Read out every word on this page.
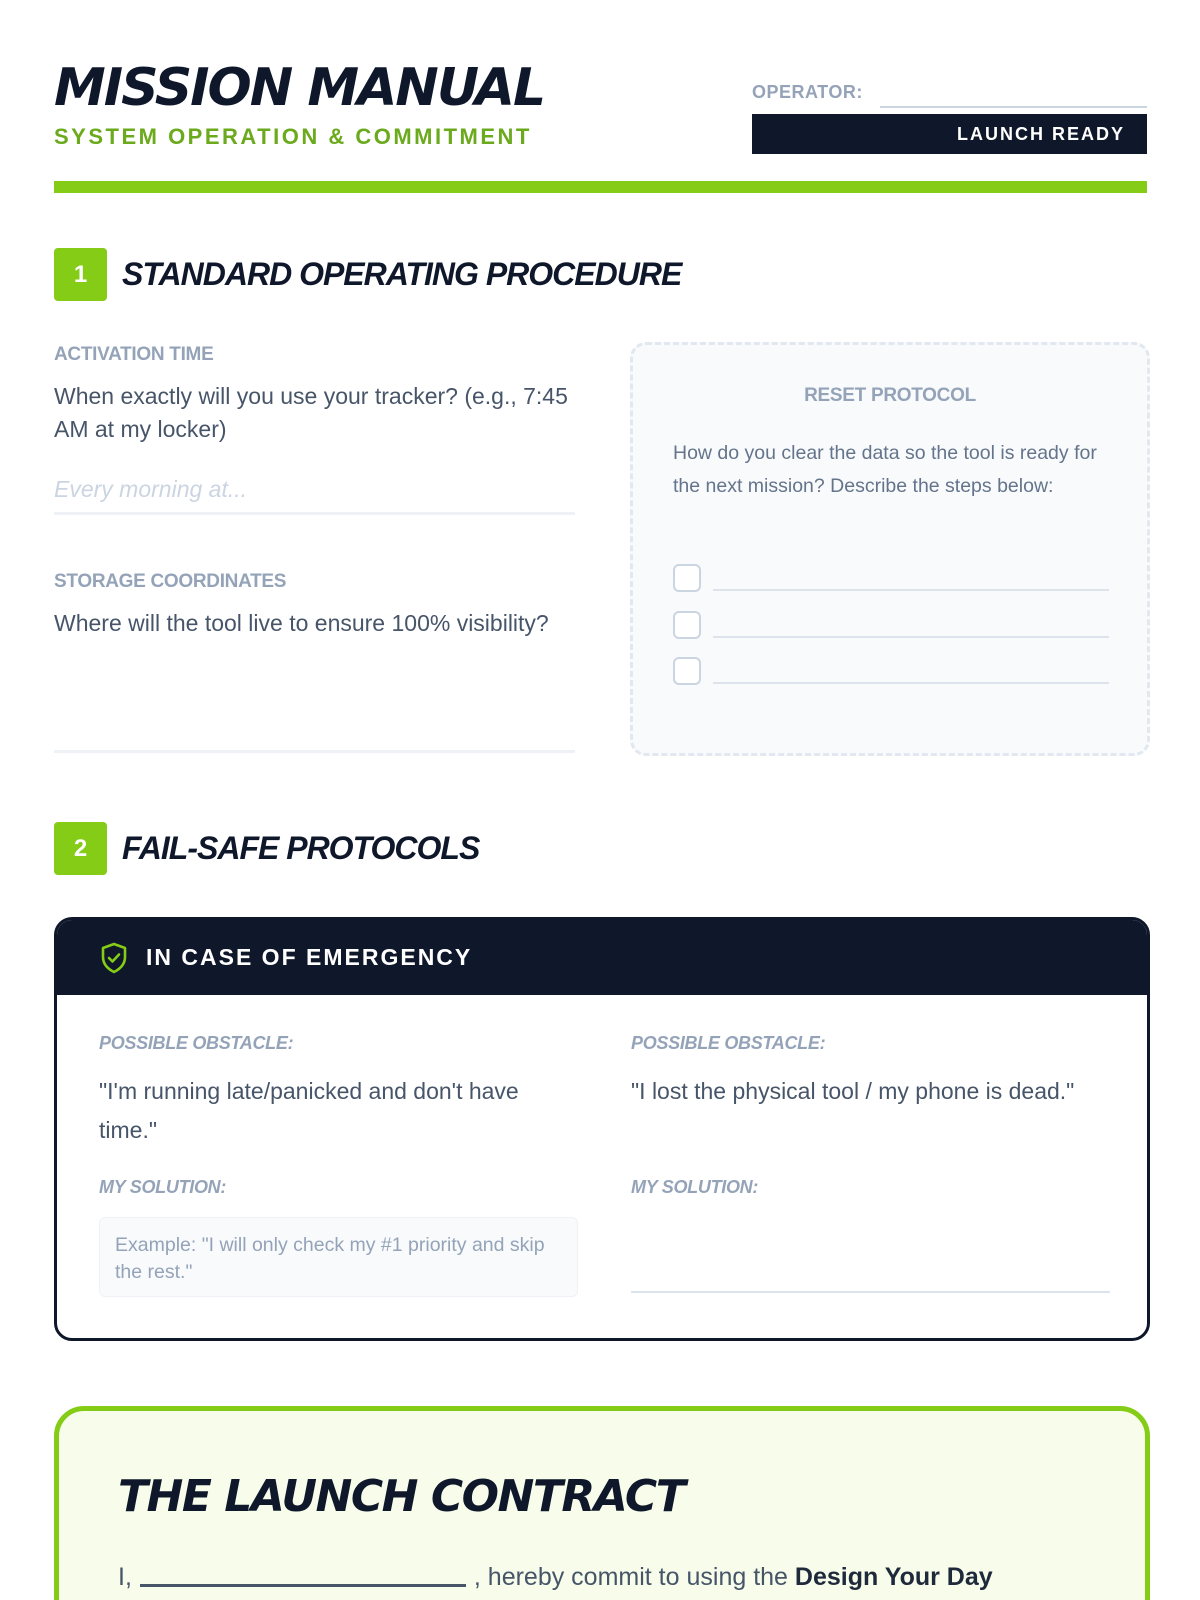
MISSION MANUAL
SYSTEM OPERATION & COMMITMENT
OPERATOR:
LAUNCH READY
1	STANDARD OPERATING PROCEDURE
ACTIVATION TIME
When exactly will you use your tracker? (e.g., 7:45 AM at my locker)
Every morning at...
STORAGE COORDINATES
Where will the tool live to ensure 100% visibility?
RESET PROTOCOL
How do you clear the data so the tool is ready for the next mission? Describe the steps below:
2	FAIL-SAFE PROTOCOLS
IN CASE OF EMERGENCY
POSSIBLE OBSTACLE:
"I'm running late/panicked and don't have time."
MY SOLUTION:
Example: "I will only check my #1 priority and skip the rest."
POSSIBLE OBSTACLE:
"I lost the physical tool / my phone is dead."
MY SOLUTION:
THE LAUNCH CONTRACT
I,	, hereby commit to using the Design Your Day
